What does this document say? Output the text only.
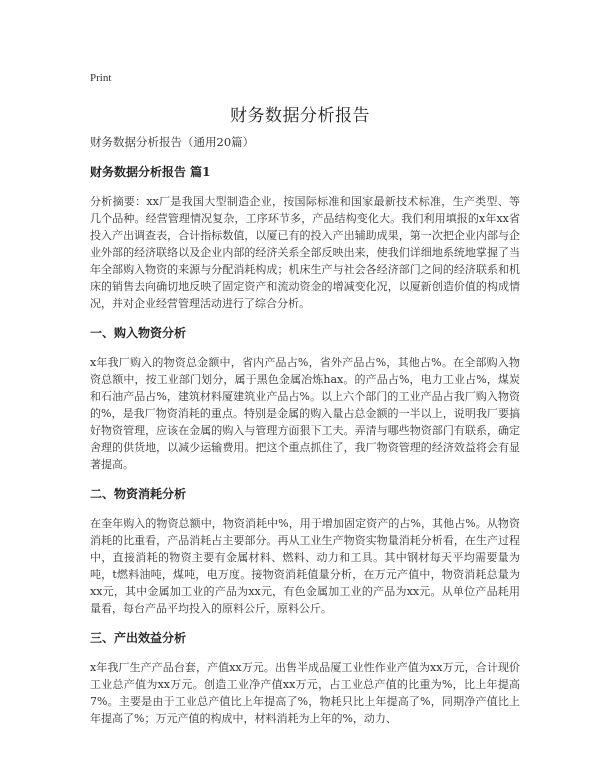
Print
财务数据分析报告

财务数据分析报告（通用20篇）

财务数据分析报告 篇1

分析摘要：xx厂是我国大型制造企业，按国际标准和国家最新技术标准，生产类型、等几个品种。经营管理情况复杂，工序环节多，产品结构变化大。我们利用填报的x年xx省投入产出调查表，合计指标数值，以厦已有的投入产出辅助成果，第一次把企业内部与企业外部的经济联络以及企业内部的经济关系全部反映出来，使我们详细地系统地掌握了当年全部购入物资的来源与分配消耗构成；机床生产与社会各经济部门之间的经济联系和机床的销售去向确切地反映了固定资产和流动资金的增减变化况，以厦新创造价值的构成情况，并对企业经营管理活动进行了综合分析。

一、购入物资分析

x年我厂购入的物资总金额中，省内产品占%，省外产品占%，其他占%。在全部购入物资总额中，按工业部门划分，属于黑色金属冶炼hax。的产品占%，电力工业占%，煤炭和石油产品占%，建筑材料厦建筑业产品占%。以上六个部门的工业产品占我厂购入物资的%，是我厂物资消耗的重点。特别是金属的购入量占总金额的一半以上，说明我厂要搞好物资管理，应该在金属的购入与管理方面狠下工夫。弄清与哪些物资部门有联系，确定舍理的供货地，以减少运输费用。把这个重点抓住了，我厂物资管理的经济效益将会有显著提高。

二、物资消耗分析

在奎年购入的物资总额中，物资消耗中%，用于增加固定资产的占%，其他占%。从物资消耗的比重看，产品消耗占主要部分。再从工业生产物资实物量消耗分析看，在生产过程中，直接消耗的物资主要有金属材料、燃料、动力和工具。其中钢材每天平均需要量为吨，t燃料油吨，煤吨，电万度。接物资消耗值量分析，在万元产值中，物资消耗总量为xx元，其中金属加工业的产品为xx元，有色金属加工业的产品为xx元。从单位产品耗用量看，每台产品平均投入的原料公斤，原料公斤。

三、产出效益分析

x年我厂生产产品台套，产值xx万元。出售半成品厦工业性作业产值为xx万元，合计现价工业总产值为xx万元。创造工业净产值xx万元，占工业总产值的比重为%，比上年提高7%。主要是由于工业总产值比上年提高了%，物耗只比上年提高了%，同期净产值比上年提高了%；万元产值的构成中，材料消耗为上年的%，动力、
